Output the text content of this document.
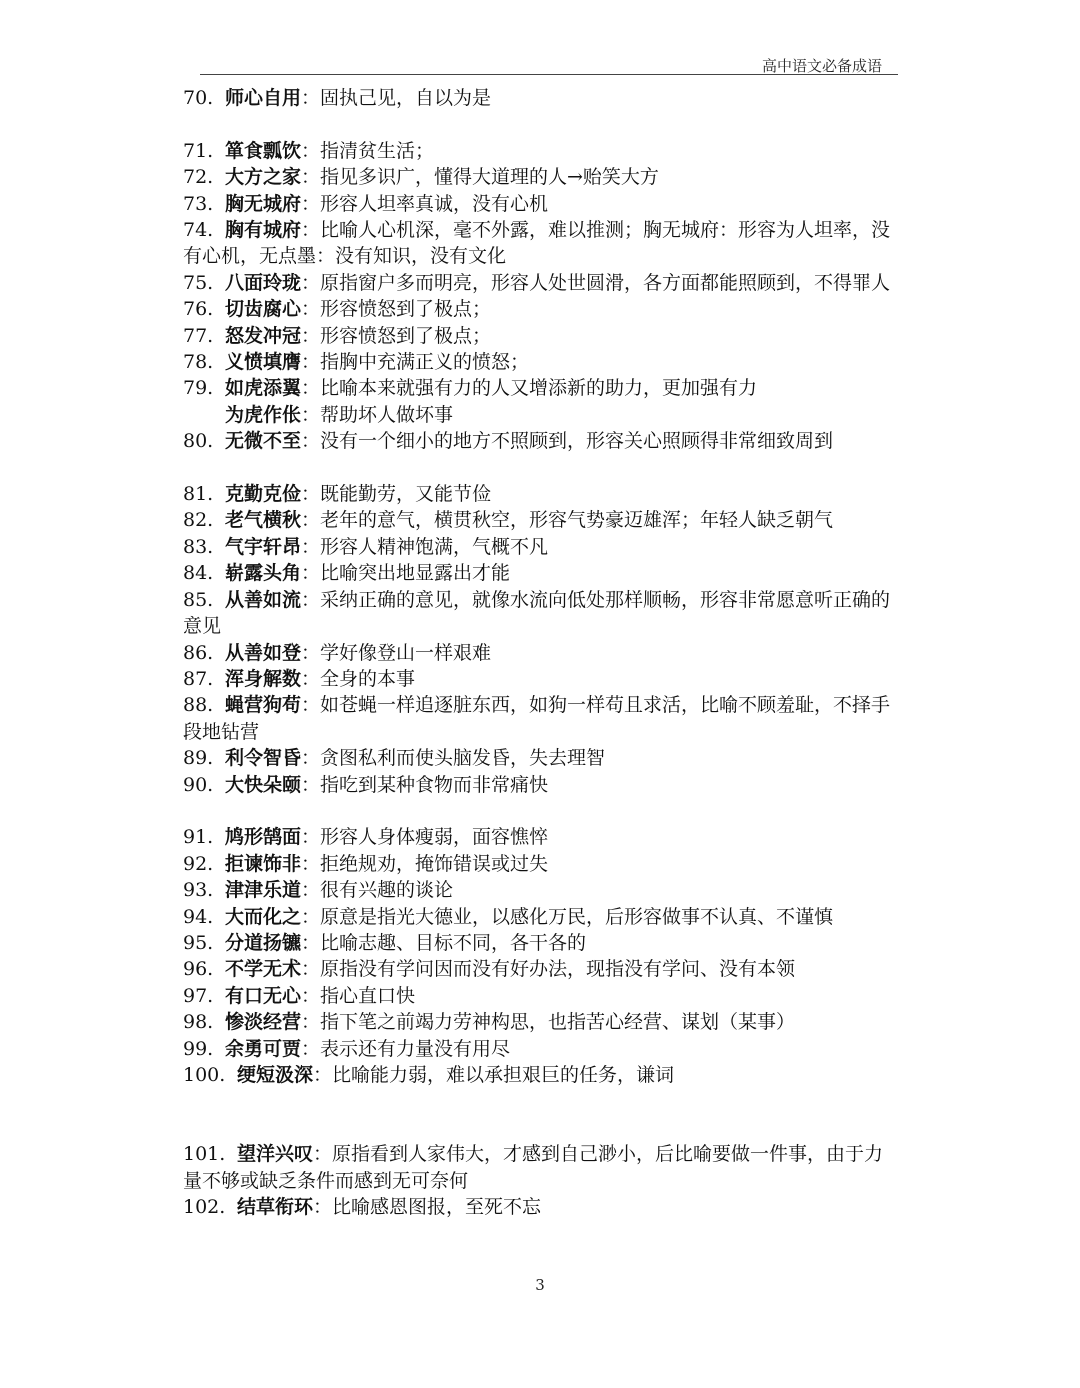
高中语文必备成语

70. 师心自用：固执己见，自以为是

71. 箪食瓢饮：指清贫生活；

72. 大方之家：指见多识广，懂得大道理的人→贻笑大方

73. 胸无城府：形容人坦率真诚，没有心机

74. 胸有城府：比喻人心机深，毫不外露，难以推测；胸无城府：形容为人坦率，没有心机，无点墨：没有知识，没有文化

75. 八面玲珑：原指窗户多而明亮，形容人处世圆滑，各方面都能照顾到，不得罪人

76. 切齿腐心：形容愤怒到了极点；

77. 怒发冲冠：形容愤怒到了极点；

78. 义愤填膺：指胸中充满正义的愤怒；

79. 如虎添翼：比喻本来就强有力的人又增添新的助力，更加强有力

为虎作伥：帮助坏人做坏事

80. 无微不至：没有一个细小的地方不照顾到，形容关心照顾得非常细致周到

81. 克勤克俭：既能勤劳，又能节俭

82. 老气横秋：老年的意气，横贯秋空，形容气势豪迈雄浑；年轻人缺乏朝气

83. 气宇轩昂：形容人精神饱满，气概不凡

84. 崭露头角：比喻突出地显露出才能

85. 从善如流：采纳正确的意见，就像水流向低处那样顺畅，形容非常愿意听正确的意见

86. 从善如登：学好像登山一样艰难

87. 浑身解数：全身的本事

88. 蝇营狗苟：如苍蝇一样追逐脏东西，如狗一样苟且求活，比喻不顾羞耻，不择手段地钻营

89. 利令智昏：贪图私利而使头脑发昏，失去理智

90. 大快朵颐：指吃到某种食物而非常痛快

91. 鸠形鹄面：形容人身体瘦弱，面容憔悴

92. 拒谏饰非：拒绝规劝，掩饰错误或过失

93. 津津乐道：很有兴趣的谈论

94. 大而化之：原意是指光大德业，以感化万民，后形容做事不认真、不谨慎

95. 分道扬镳：比喻志趣、目标不同，各干各的

96. 不学无术：原指没有学问因而没有好办法，现指没有学问、没有本领

97. 有口无心：指心直口快

98. 惨淡经营：指下笔之前竭力劳神构思，也指苦心经营、谋划（某事）

99. 余勇可贾：表示还有力量没有用尽

100. 绠短汲深：比喻能力弱，难以承担艰巨的任务，谦词

101. 望洋兴叹：原指看到人家伟大，才感到自己渺小，后比喻要做一件事，由于力量不够或缺乏条件而感到无可奈何

102. 结草衔环：比喻感恩图报，至死不忘

3
